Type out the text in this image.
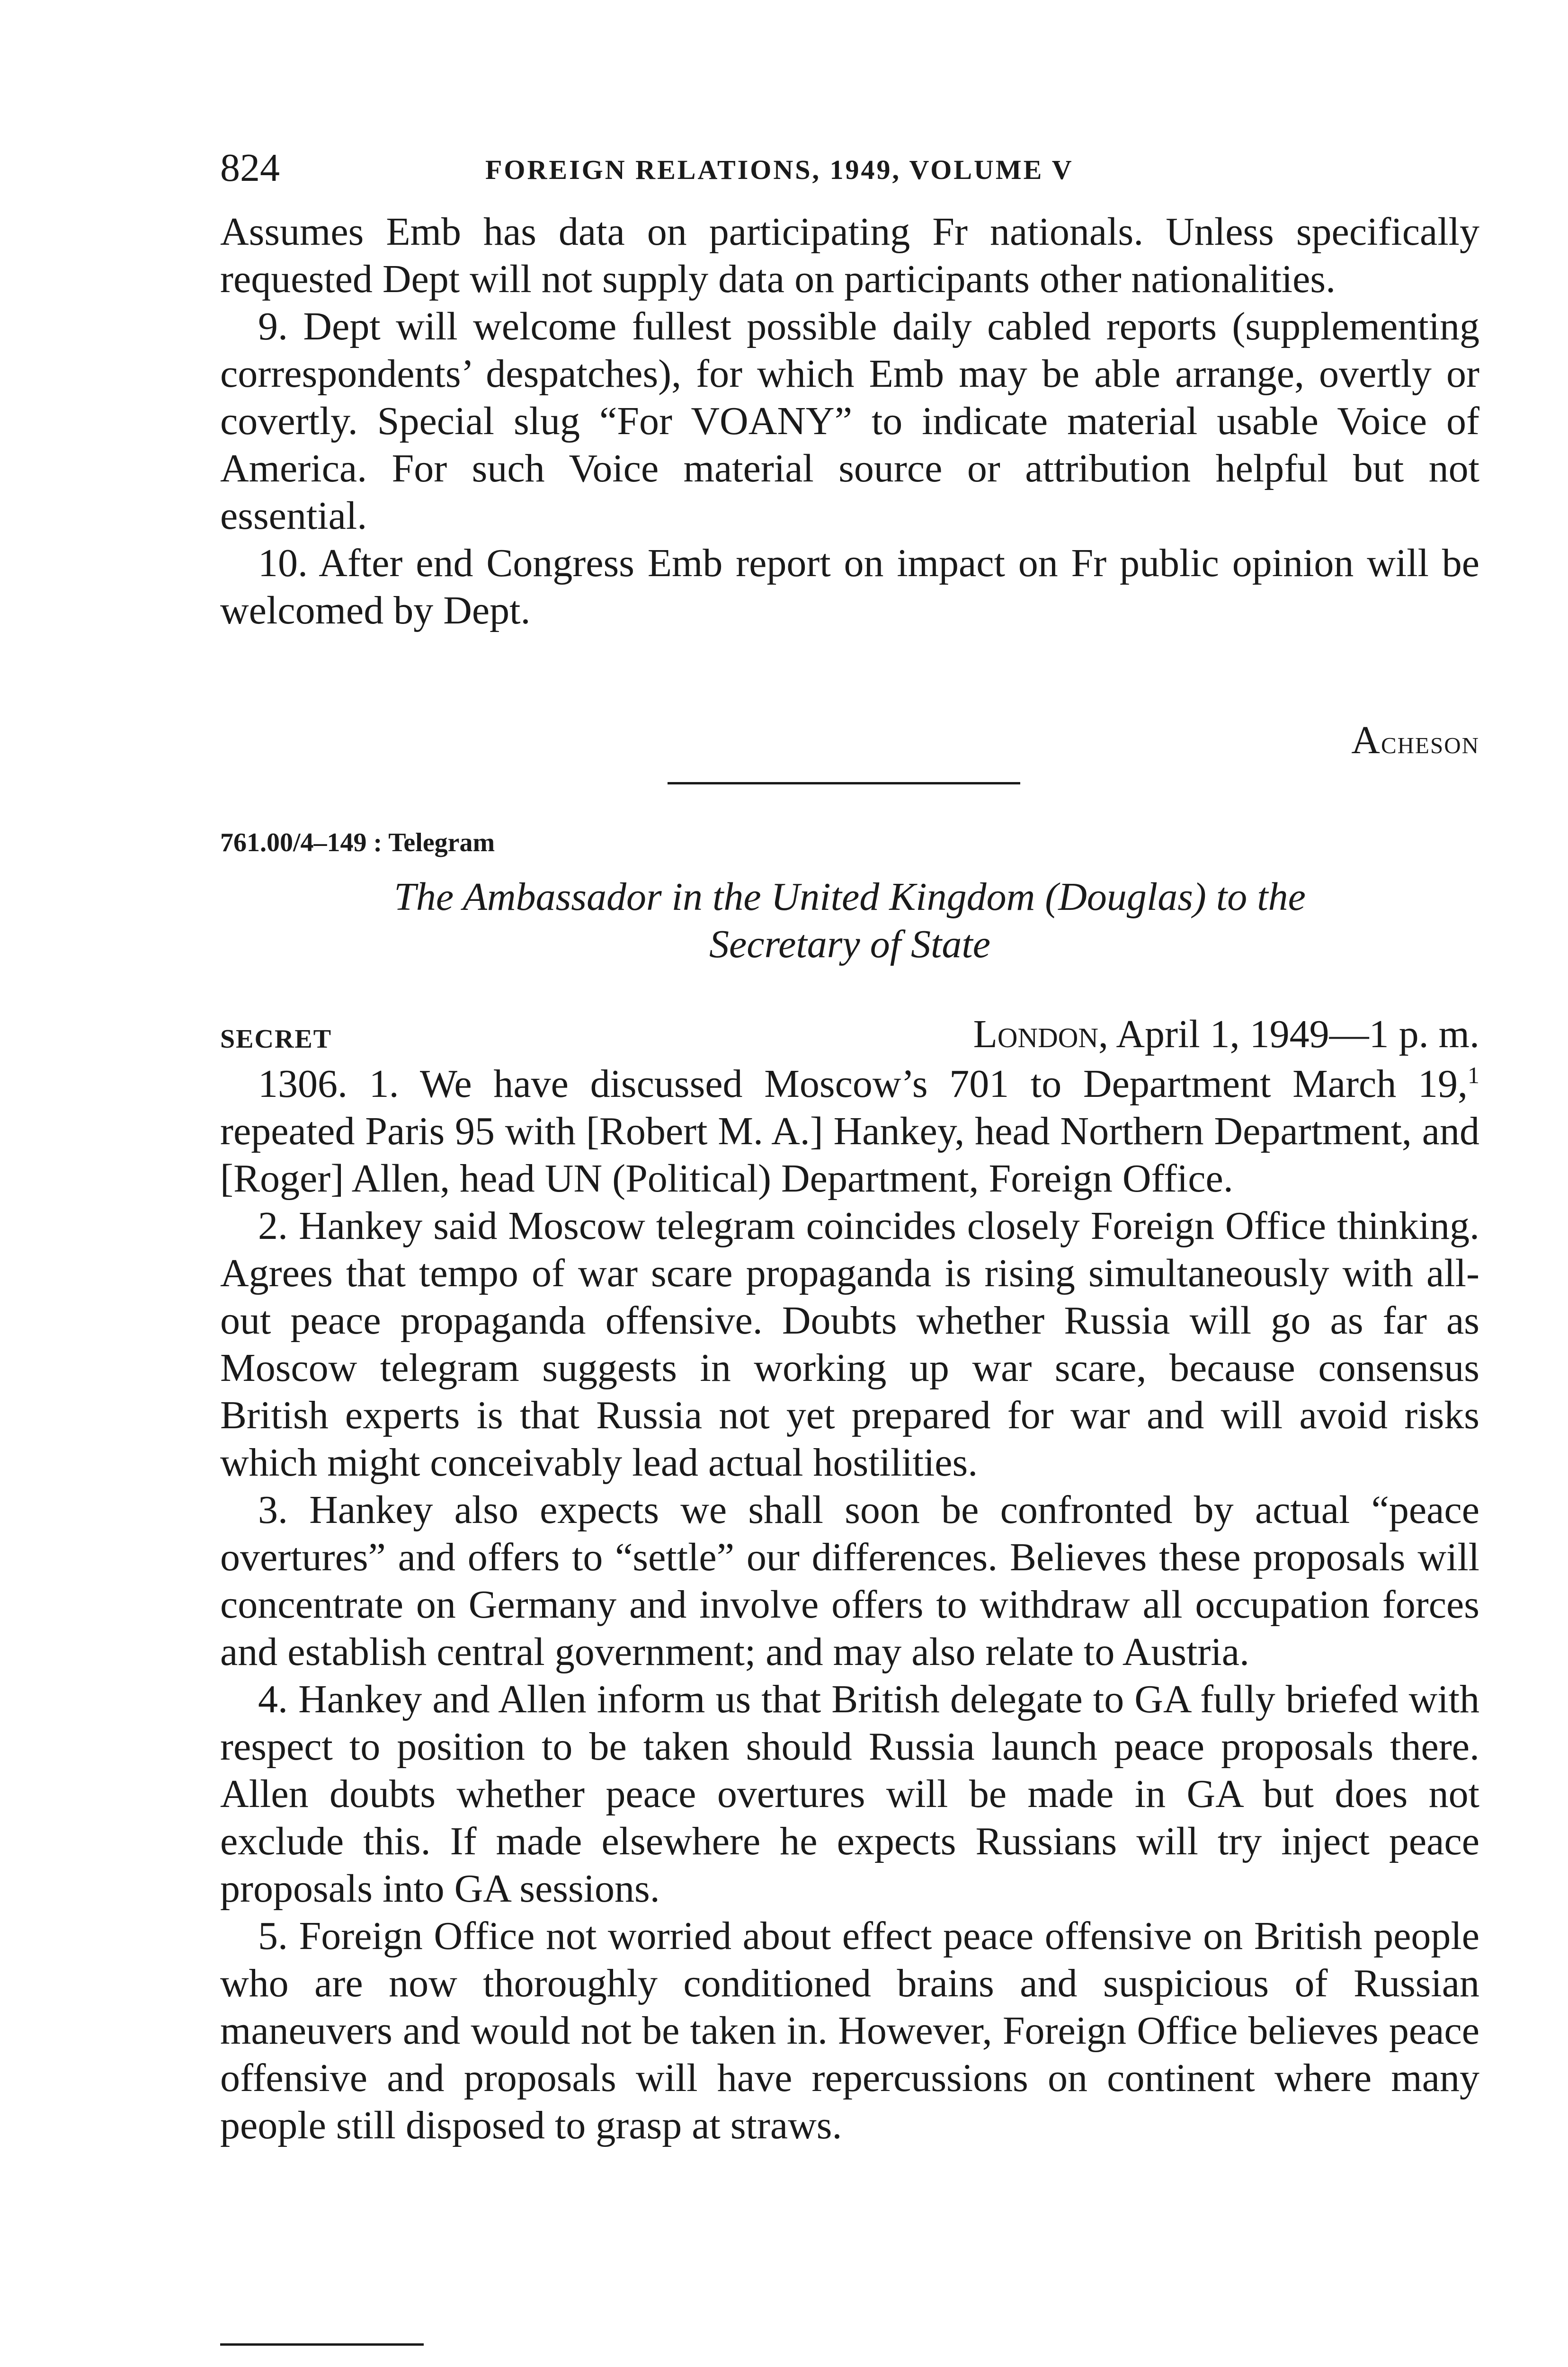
824	FOREIGN RELATIONS, 1949, VOLUME V

Assumes Emb has data on participating Fr nationals. Unless specifically requested Dept will not supply data on participants other nationalities.

9. Dept will welcome fullest possible daily cabled reports (supplementing correspondents’ despatches), for which Emb may be able arrange, overtly or covertly. Special slug “For VOANY” to indicate material usable Voice of America. For such Voice material source or attribution helpful but not essential.

10. After end Congress Emb report on impact on Fr public opinion will be welcomed by Dept.

Acheson
761.00/4–149 : Telegram
The Ambassador in the United Kingdom (Douglas) to the
Secretary of State
SECRET	London, April 1, 1949—1 p. m.

1306. 1. We have discussed Moscow’s 701 to Department March 19,$^1$ repeated Paris 95 with [Robert M. A.] Hankey, head Northern Department, and [Roger] Allen, head UN (Political) Department, Foreign Office.

2. Hankey said Moscow telegram coincides closely Foreign Office thinking. Agrees that tempo of war scare propaganda is rising simultaneously with all-out peace propaganda offensive. Doubts whether Russia will go as far as Moscow telegram suggests in working up war scare, because consensus British experts is that Russia not yet prepared for war and will avoid risks which might conceivably lead actual hostilities.

3. Hankey also expects we shall soon be confronted by actual “peace overtures” and offers to “settle” our differences. Believes these proposals will concentrate on Germany and involve offers to withdraw all occupation forces and establish central government; and may also relate to Austria.

4. Hankey and Allen inform us that British delegate to GA fully briefed with respect to position to be taken should Russia launch peace proposals there. Allen doubts whether peace overtures will be made in GA but does not exclude this. If made elsewhere he expects Russians will try inject peace proposals into GA sessions.

5. Foreign Office not worried about effect peace offensive on British people who are now thoroughly conditioned brains and suspicious of Russian maneuvers and would not be taken in. However, Foreign Office believes peace offensive and proposals will have repercussions on continent where many people still disposed to grasp at straws.
